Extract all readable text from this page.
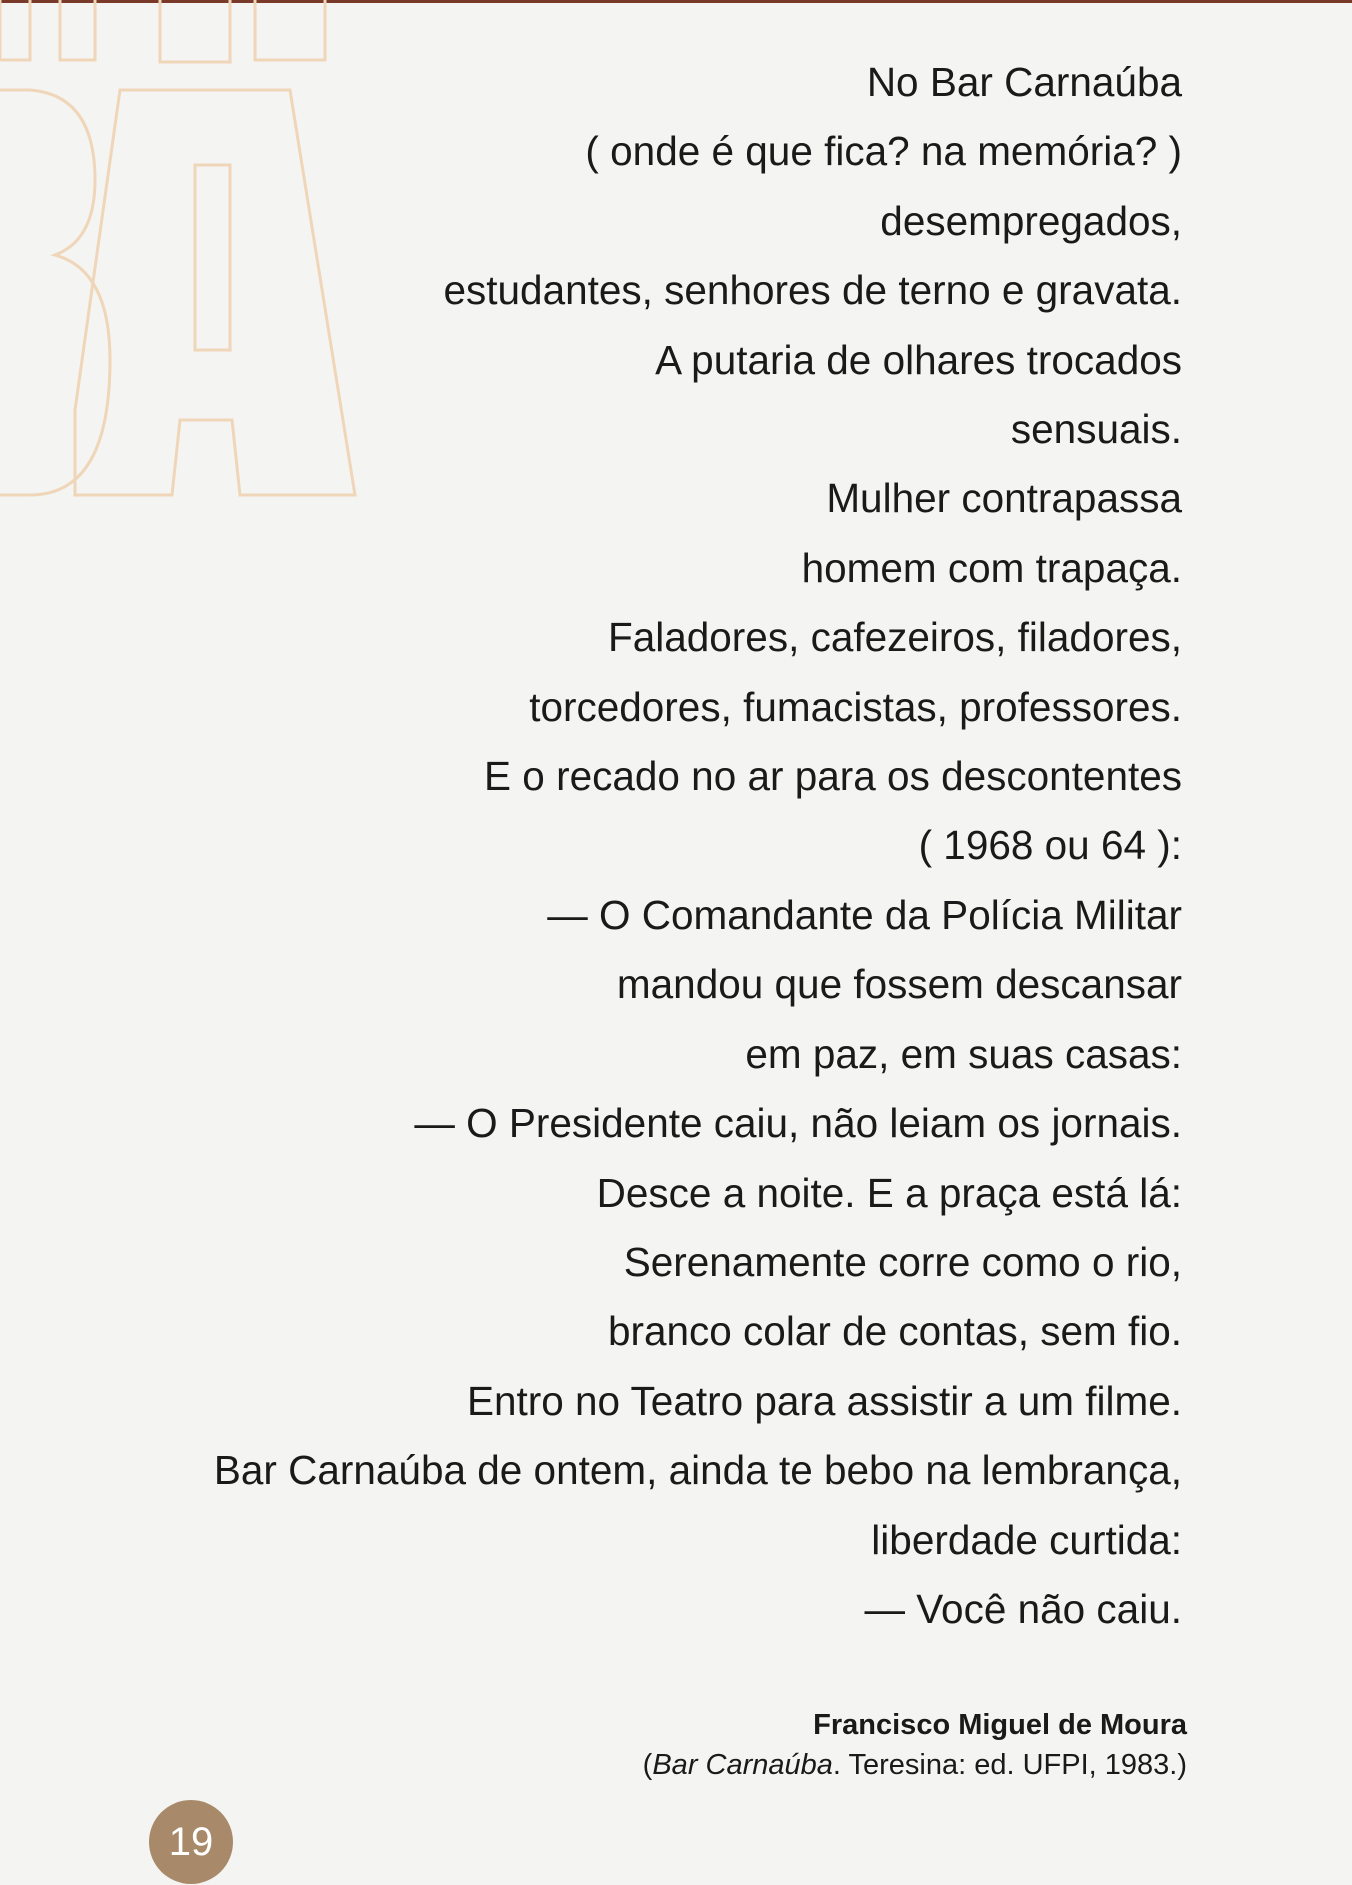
No Bar Carnaúba
( onde é que fica? na memória? )
desempregados,
estudantes, senhores de terno e gravata.
A putaria de olhares trocados
sensuais.
Mulher contrapassa
homem com trapaça.
Faladores, cafezeiros, filadores,
torcedores, fumacistas, professores.
E o recado no ar para os descontentes
( 1968 ou 64 ):
— O Comandante da Polícia Militar
mandou que fossem descansar
em paz, em suas casas:
— O Presidente caiu, não leiam os jornais.
Desce a noite. E a praça está lá:
Serenamente corre como o rio,
branco colar de contas, sem fio.
Entro no Teatro para assistir a um filme.
Bar Carnaúba de ontem, ainda te bebo na lembrança,
liberdade curtida:
— Você não caiu.
Francisco Miguel de Moura
(Bar Carnaúba. Teresina: ed. UFPI, 1983.)
19
